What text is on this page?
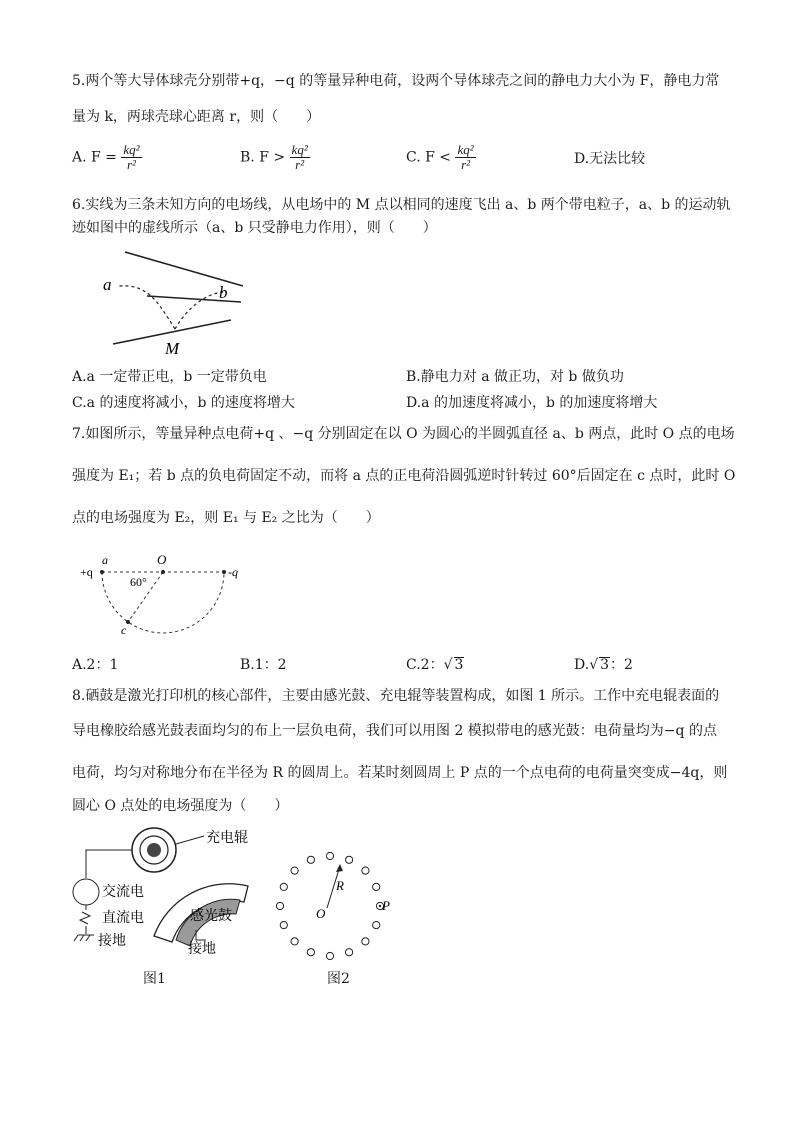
5.两个等大导体球壳分别带+q，−q 的等量异种电荷，设两个导体球壳之间的静电力大小为 F，静电力常
量为 k，两球壳球心距离 r，则（　　）
A. $F = \frac{\text{kq²}}{\text{r²}}$	B. $F > \frac{\text{kq²}}{\text{r²}}$	C. $F < \frac{\text{kq²}}{\text{r²}}$	D.无法比较
6.实线为三条未知方向的电场线，从电场中的 M 点以相同的速度飞出 a、b 两个带电粒子，a、b 的运动轨
迹如图中的虚线所示（a、b 只受静电力作用），则（　　）
a	b
M
A.a 一定带正电，b 一定带负电	B.静电力对 a 做正功，对 b 做负功
C.a 的速度将减小，b 的速度将增大	D.a 的加速度将减小，b 的加速度将增大
7.如图所示，等量异种点电荷+q 、−q 分别固定在以 O 为圆心的半圆弧直径 a、b 两点，此时 O 点的电场
强度为 E₁；若 b 点的负电荷固定不动，而将 a 点的正电荷沿圆弧逆时针转过 60°后固定在 c 点时，此时 O
点的电场强度为 E₂，则 E₁ 与 E₂ 之比为（　　）
+q	-q
a	O
60°
c
A.2：1	B.1：2	C.2：√ 3	D.√ 3：2
8.硒鼓是激光打印机的核心部件，主要由感光鼓、充电辊等装置构成，如图 1 所示。工作中充电辊表面的
导电橡胶给感光鼓表面均匀的布上一层负电荷，我们可以用图 2 模拟带电的感光鼓：电荷量均为−q 的点
电荷，均匀对称地分布在半径为 R 的圆周上。若某时刻圆周上 P 点的一个点电荷的电荷量突变成−4q，则
圆心 O 点处的电场强度为（　　）
充电辊
感光鼓
交流电
直流电
接地
接地
图1
R
O
P
图2
